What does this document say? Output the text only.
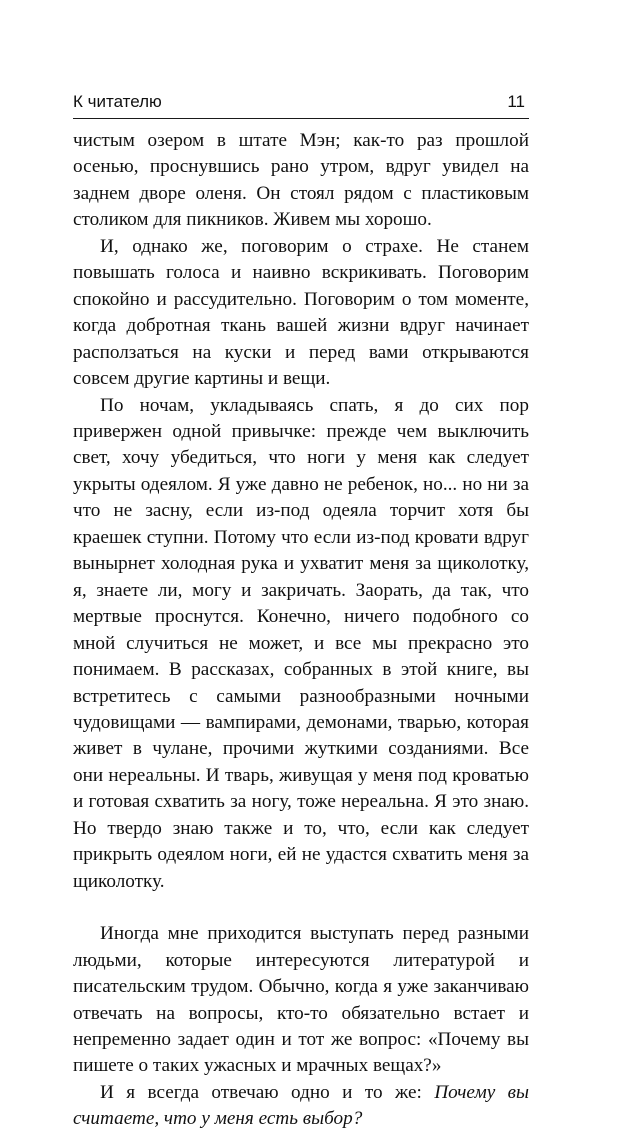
К читателю	11

чистым озером в штате Мэн; как-то раз прошлой осенью, проснувшись рано утром, вдруг увидел на заднем дворе оленя. Он стоял рядом с пластиковым столиком для пикников. Живем мы хорошо.

И, однако же, поговорим о страхе. Не станем повышать голоса и наивно вскрикивать. Поговорим спокойно и рассудительно. Поговорим о том моменте, когда добротная ткань вашей жизни вдруг начинает расползаться на куски и перед вами открываются совсем другие картины и вещи.

По ночам, укладываясь спать, я до сих пор привержен одной привычке: прежде чем выключить свет, хочу убедиться, что ноги у меня как следует укрыты одеялом. Я уже давно не ребенок, но... но ни за что не засну, если из-под одеяла торчит хотя бы краешек ступни. Потому что если из-под кровати вдруг вынырнет холодная рука и ухватит меня за щиколотку, я, знаете ли, могу и закричать. Заорать, да так, что мертвые проснутся. Конечно, ничего подобного со мной случиться не может, и все мы прекрасно это понимаем. В рассказах, собранных в этой книге, вы встретитесь с самыми разнообразными ночными чудовищами — вампирами, демонами, тварью, которая живет в чулане, прочими жуткими созданиями. Все они нереальны. И тварь, живущая у меня под кроватью и готовая схватить за ногу, тоже нереальна. Я это знаю. Но твердо знаю также и то, что, если как следует прикрыть одеялом ноги, ей не удастся схватить меня за щиколотку.

Иногда мне приходится выступать перед разными людьми, которые интересуются литературой и писательским трудом. Обычно, когда я уже заканчиваю отвечать на вопросы, кто-то обязательно встает и непременно задает один и тот же вопрос: «Почему вы пишете о таких ужасных и мрачных вещах?»

И я всегда отвечаю одно и то же: Почему вы считаете, что у меня есть выбор?
